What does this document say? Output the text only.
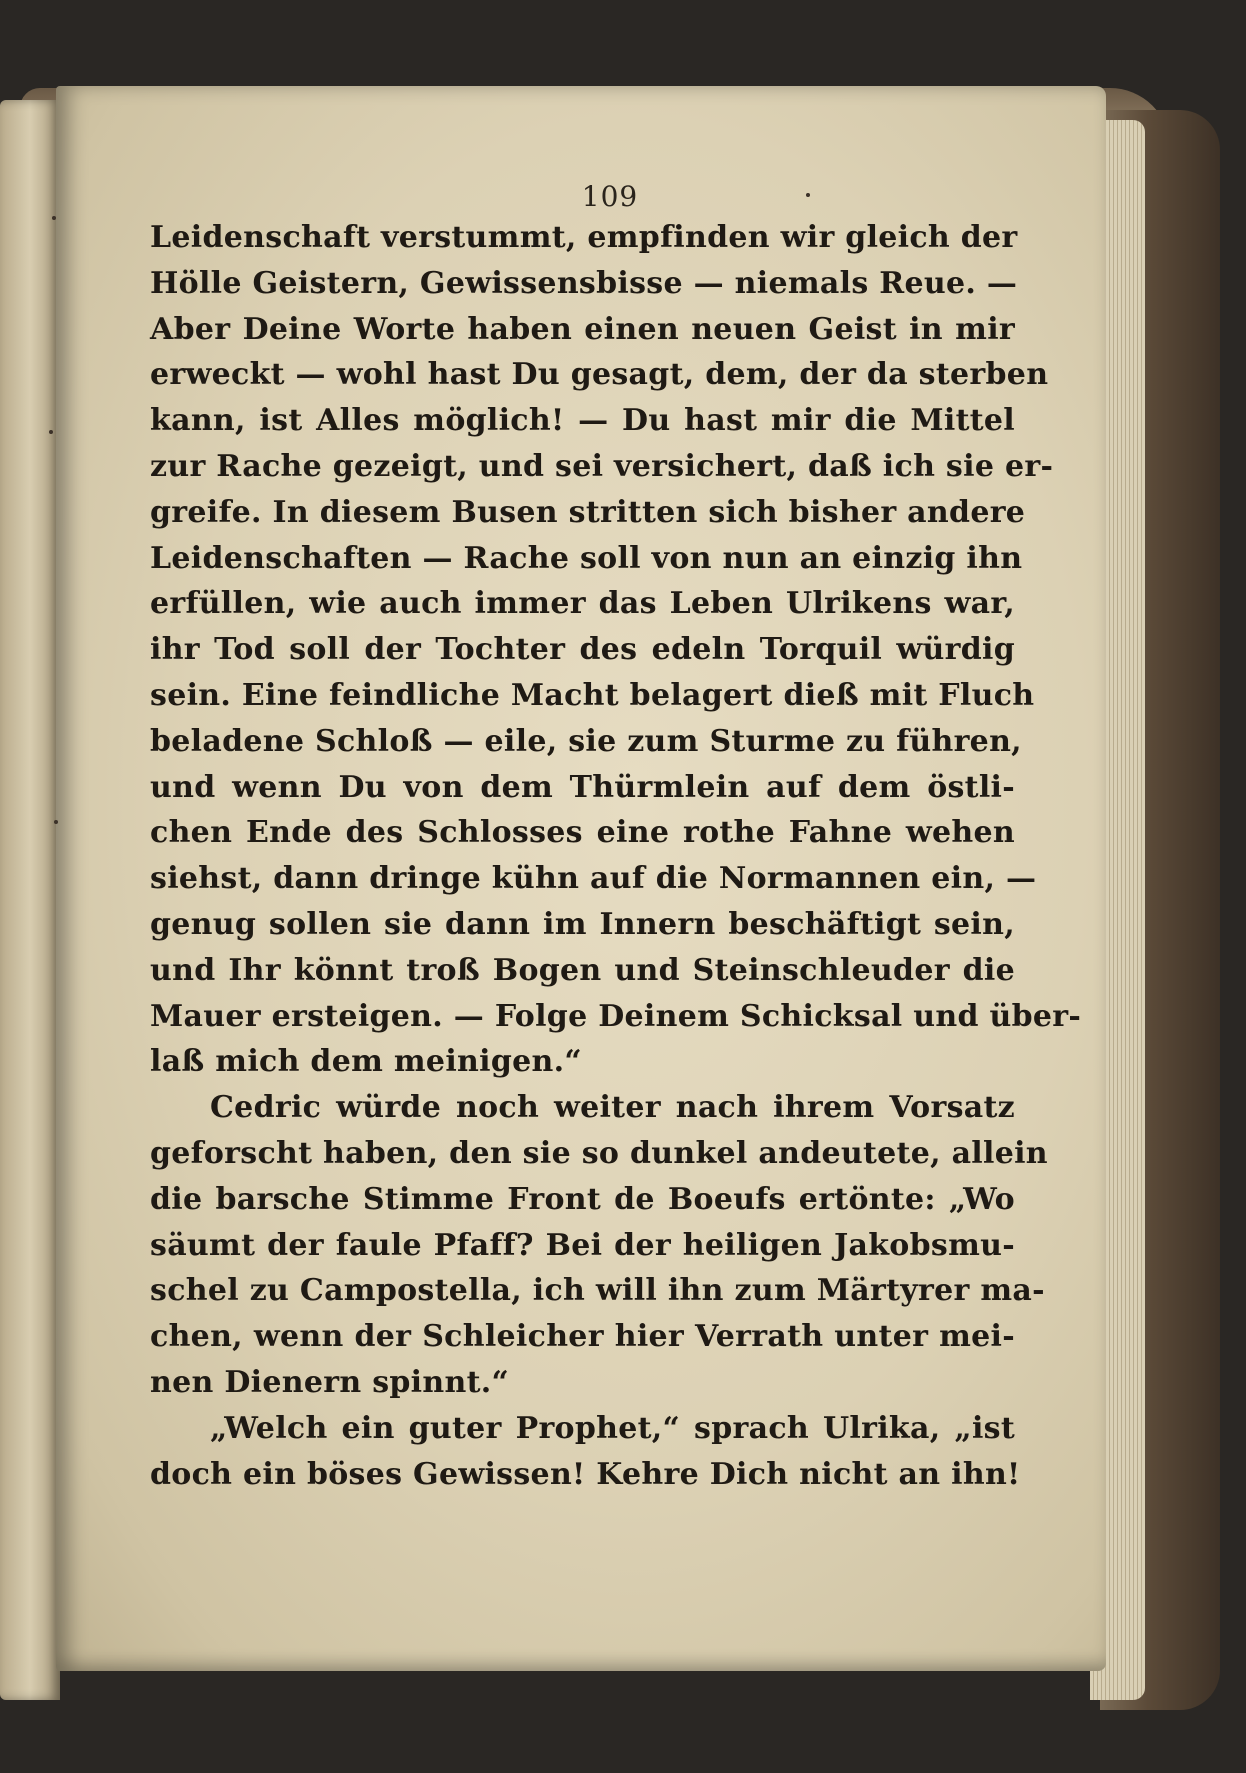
109
Leidenschaft verstummt, empfinden wir gleich der
Hölle Geistern, Gewissensbisse — niemals Reue. —
Aber Deine Worte haben einen neuen Geist in mir
erweckt — wohl hast Du gesagt, dem, der da sterben
kann, ist Alles möglich! — Du hast mir die Mittel
zur Rache gezeigt, und sei versichert, daß ich sie er-
greife. In diesem Busen stritten sich bisher andere
Leidenschaften — Rache soll von nun an einzig ihn
erfüllen, wie auch immer das Leben Ulrikens war,
ihr Tod soll der Tochter des edeln Torquil würdig
sein. Eine feindliche Macht belagert dieß mit Fluch
beladene Schloß — eile, sie zum Sturme zu führen,
und wenn Du von dem Thürmlein auf dem östli-
chen Ende des Schlosses eine rothe Fahne wehen
siehst, dann dringe kühn auf die Normannen ein, —
genug sollen sie dann im Innern beschäftigt sein,
und Ihr könnt troß Bogen und Steinschleuder die
Mauer ersteigen. — Folge Deinem Schicksal und über-
laß mich dem meinigen.“
Cedric würde noch weiter nach ihrem Vorsatz
geforscht haben, den sie so dunkel andeutete, allein
die barsche Stimme Front de Boeufs ertönte: „Wo
säumt der faule Pfaff? Bei der heiligen Jakobsmu-
schel zu Campostella, ich will ihn zum Märtyrer ma-
chen, wenn der Schleicher hier Verrath unter mei-
nen Dienern spinnt.“
„Welch ein guter Prophet,“ sprach Ulrika, „ist
doch ein böses Gewissen! Kehre Dich nicht an ihn!
